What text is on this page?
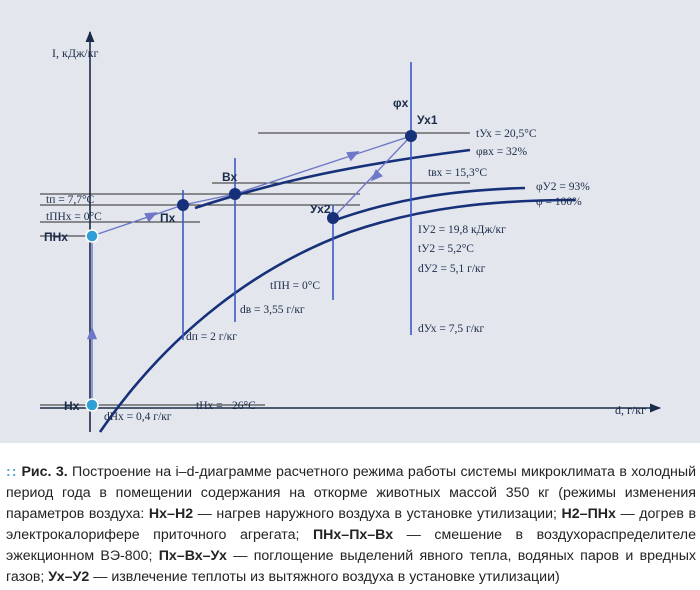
I, кДж/кг
d, г/кг
Нх
ПНх
Пх
Вх
Ух1
Ух2
φх
tУх = 20,5°C
φвх = 32%
tвх = 15,3°C
φУ2 = 93%
φ = 100%
tп = 7,7°C
tПНх = 0°C
IУ2 = 19,8 кДж/кг
tУ2 = 5,2°C
dУ2 = 5,1 г/кг
tПН = 0°C
dв = 3,55 г/кг
dп = 2 г/кг
dУх = 7,5 г/кг
dНх = 0,4 г/кг
tНх = −26°C
:: Рис. 3. Построение на i–d-диаграмме расчетного режима работы системы микроклимата в холодный период года в помещении содержания на откорме животных массой 350 кг (режимы изменения параметров воздуха: Нх–Н2 — нагрев наружного воздуха в установке утилизации; Н2–ПНх — догрев в электрокалорифере приточного агрегата; ПНх–Пх–Вх — смешение в воздухораспределителе эжекционном ВЭ-800; Пх–Вх–Ух — поглощение выделений явного тепла, водяных паров и вредных газов; Ух–У2 — извлечение теплоты из вытяжного воздуха в установке утилизации)
